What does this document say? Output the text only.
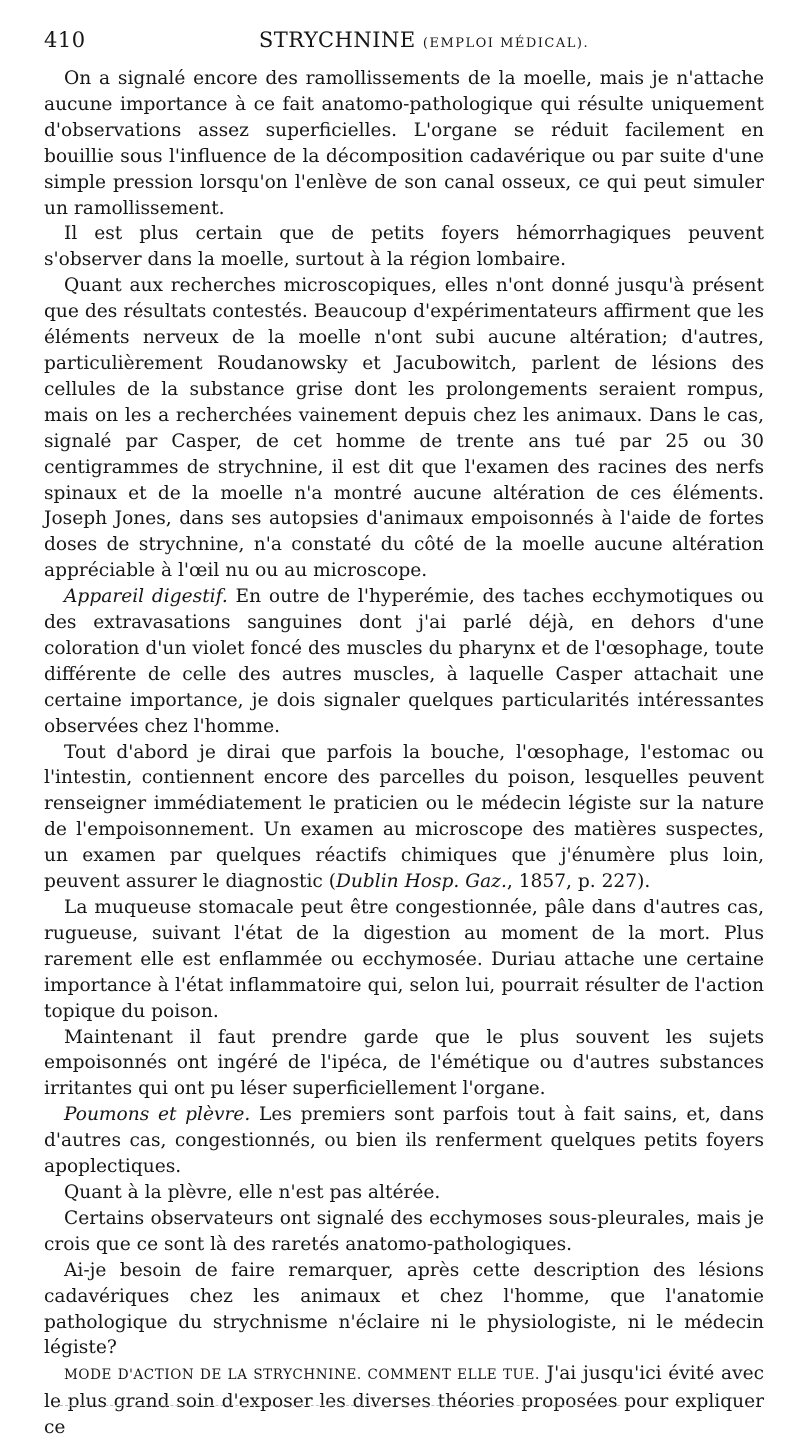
410	STRYCHNINE (EMPLOI MÉDICAL).

On a signalé encore des ramollissements de la moelle, mais je n'attache aucune importance à ce fait anatomo-pathologique qui résulte uniquement d'observations assez superficielles. L'organe se réduit facilement en bouillie sous l'influence de la décomposition cadavérique ou par suite d'une simple pression lorsqu'on l'enlève de son canal osseux, ce qui peut simuler un ramollissement.

Il est plus certain que de petits foyers hémorrhagiques peuvent s'observer dans la moelle, surtout à la région lombaire.

Quant aux recherches microscopiques, elles n'ont donné jusqu'à présent que des résultats contestés. Beaucoup d'expérimentateurs affirment que les éléments nerveux de la moelle n'ont subi aucune altération; d'autres, particulièrement Roudanowsky et Jacubowitch, parlent de lésions des cellules de la substance grise dont les prolongements seraient rompus, mais on les a recherchées vainement depuis chez les animaux. Dans le cas, signalé par Casper, de cet homme de trente ans tué par 25 ou 30 centigrammes de strychnine, il est dit que l'examen des racines des nerfs spinaux et de la moelle n'a montré aucune altération de ces éléments. Joseph Jones, dans ses autopsies d'animaux empoisonnés à l'aide de fortes doses de strychnine, n'a constaté du côté de la moelle aucune altération appréciable à l'œil nu ou au microscope.

Appareil digestif. En outre de l'hyperémie, des taches ecchymotiques ou des extravasations sanguines dont j'ai parlé déjà, en dehors d'une coloration d'un violet foncé des muscles du pharynx et de l'œsophage, toute différente de celle des autres muscles, à laquelle Casper attachait une certaine importance, je dois signaler quelques particularités intéressantes observées chez l'homme.

Tout d'abord je dirai que parfois la bouche, l'œsophage, l'estomac ou l'intestin, contiennent encore des parcelles du poison, lesquelles peuvent renseigner immédiatement le praticien ou le médecin légiste sur la nature de l'empoisonnement. Un examen au microscope des matières suspectes, un examen par quelques réactifs chimiques que j'énumère plus loin, peuvent assurer le diagnostic (Dublin Hosp. Gaz., 1857, p. 227).

La muqueuse stomacale peut être congestionnée, pâle dans d'autres cas, rugueuse, suivant l'état de la digestion au moment de la mort. Plus rarement elle est enflammée ou ecchymosée. Duriau attache une certaine importance à l'état inflammatoire qui, selon lui, pourrait résulter de l'action topique du poison.

Maintenant il faut prendre garde que le plus souvent les sujets empoisonnés ont ingéré de l'ipéca, de l'émétique ou d'autres substances irritantes qui ont pu léser superficiellement l'organe.

Poumons et plèvre. Les premiers sont parfois tout à fait sains, et, dans d'autres cas, congestionnés, ou bien ils renferment quelques petits foyers apoplectiques.

Quant à la plèvre, elle n'est pas altérée.

Certains observateurs ont signalé des ecchymoses sous-pleurales, mais je crois que ce sont là des raretés anatomo-pathologiques.

Ai-je besoin de faire remarquer, après cette description des lésions cadavériques chez les animaux et chez l'homme, que l'anatomie pathologique du strychnisme n'éclaire ni le physiologiste, ni le médecin légiste?

MODE D'ACTION DE LA STRYCHNINE. COMMENT ELLE TUE. J'ai jusqu'ici évité avec le plus grand soin d'exposer les diverses théories proposées pour expliquer ce
